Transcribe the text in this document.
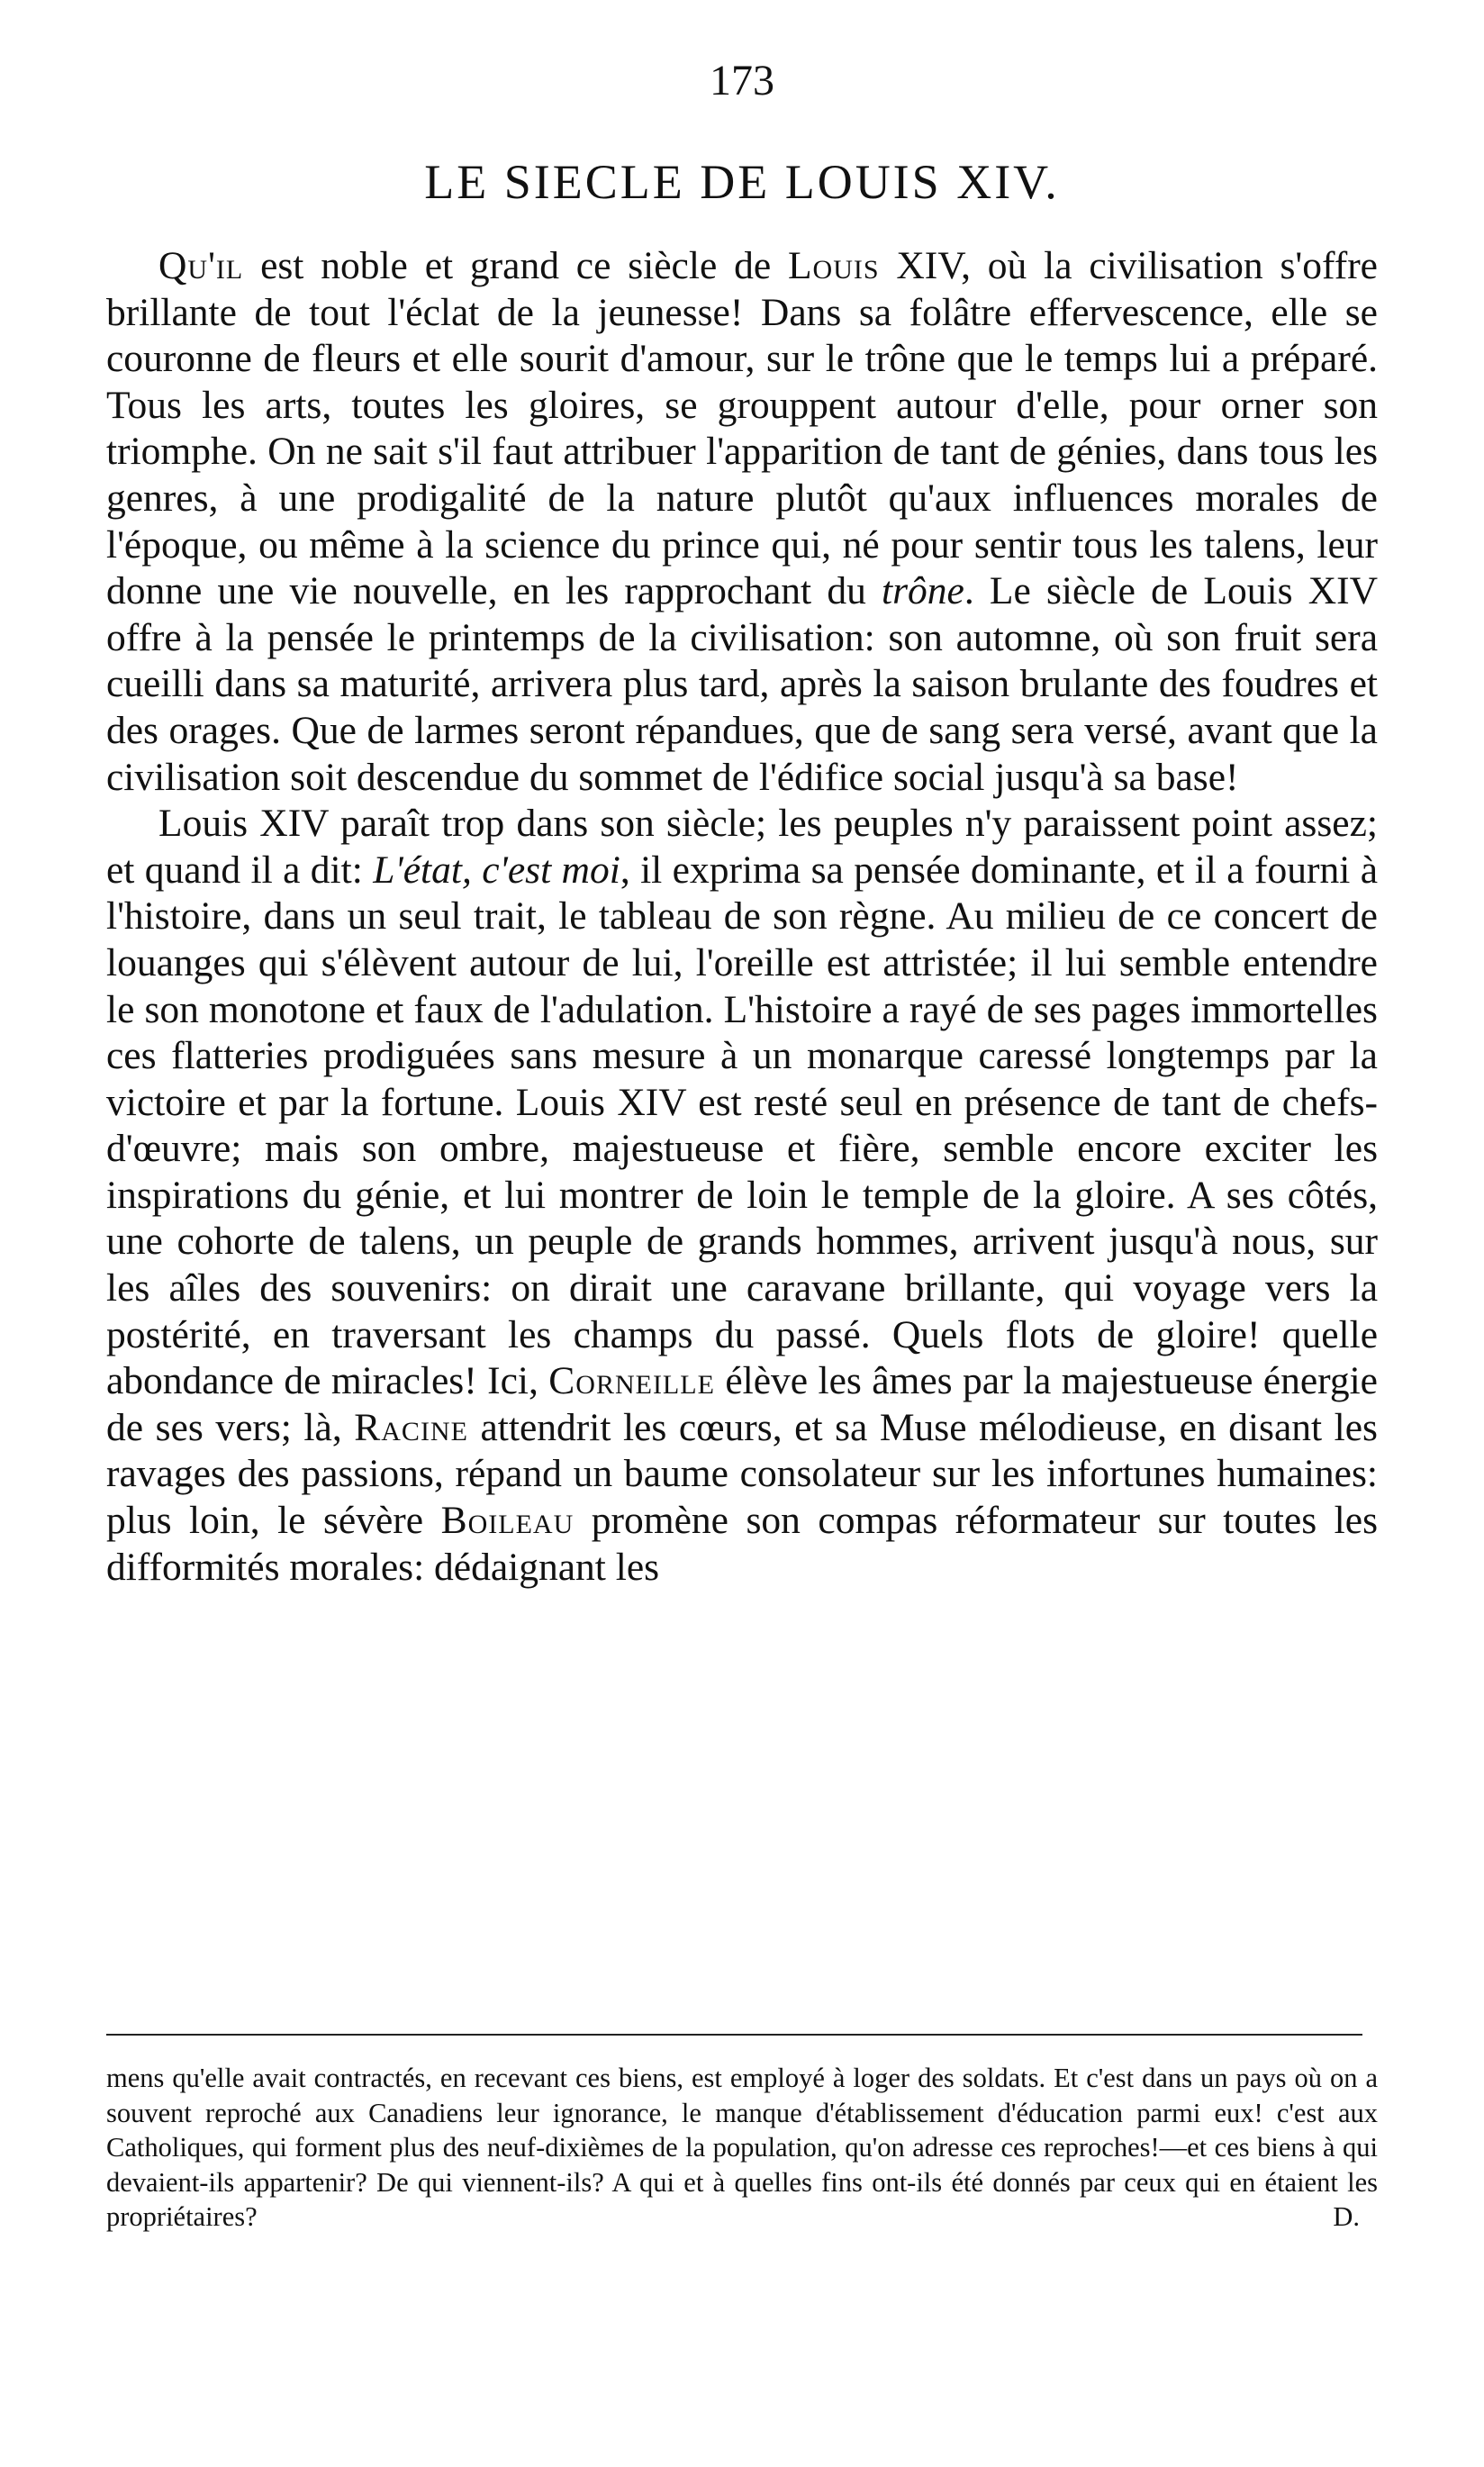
173
LE SIECLE DE LOUIS XIV.

Qu'il est noble et grand ce siècle de Louis XIV, où la civilisation s'offre brillante de tout l'éclat de la jeunesse! Dans sa folâtre effervescence, elle se couronne de fleurs et elle sourit d'amour, sur le trône que le temps lui a préparé. Tous les arts, toutes les gloires, se grouppent autour d'elle, pour orner son triomphe. On ne sait s'il faut attribuer l'apparition de tant de génies, dans tous les genres, à une prodigalité de la nature plutôt qu'aux influences morales de l'époque, ou même à la science du prince qui, né pour sentir tous les talens, leur donne une vie nouvelle, en les rapprochant du trône. Le siècle de Louis XIV offre à la pensée le printemps de la civilisation: son automne, où son fruit sera cueilli dans sa maturité, arrivera plus tard, après la saison brulante des foudres et des orages. Que de larmes seront répandues, que de sang sera versé, avant que la civilisation soit descendue du sommet de l'édifice social jusqu'à sa base!

Louis XIV paraît trop dans son siècle; les peuples n'y paraissent point assez; et quand il a dit: L'état, c'est moi, il exprima sa pensée dominante, et il a fourni à l'histoire, dans un seul trait, le tableau de son règne. Au milieu de ce concert de louanges qui s'élèvent autour de lui, l'oreille est attristée; il lui semble entendre le son monotone et faux de l'adulation. L'histoire a rayé de ses pages immortelles ces flatteries prodiguées sans mesure à un monarque caressé longtemps par la victoire et par la fortune. Louis XIV est resté seul en présence de tant de chefs-d'œuvre; mais son ombre, majestueuse et fière, semble encore exciter les inspirations du génie, et lui montrer de loin le temple de la gloire. A ses côtés, une cohorte de talens, un peuple de grands hommes, arrivent jusqu'à nous, sur les aîles des souvenirs: on dirait une caravane brillante, qui voyage vers la postérité, en traversant les champs du passé. Quels flots de gloire! quelle abondance de miracles! Ici, Corneille élève les âmes par la majestueuse énergie de ses vers; là, Racine attendrit les cœurs, et sa Muse mélodieuse, en disant les ravages des passions, répand un baume consolateur sur les infortunes humaines: plus loin, le sévère Boileau promène son compas réformateur sur toutes les difformités morales: dédaignant les

mens qu'elle avait contractés, en recevant ces biens, est employé à loger des soldats. Et c'est dans un pays où on a souvent reproché aux Canadiens leur ignorance, le manque d'établissement d'éducation parmi eux! c'est aux Catholiques, qui forment plus des neuf-dixièmes de la population, qu'on adresse ces reproches!—et ces biens à qui devaient-ils appartenir? De qui viennent-ils? A qui et à quelles fins ont-ils été donnés par ceux qui en étaient les propriétaires?	D.
